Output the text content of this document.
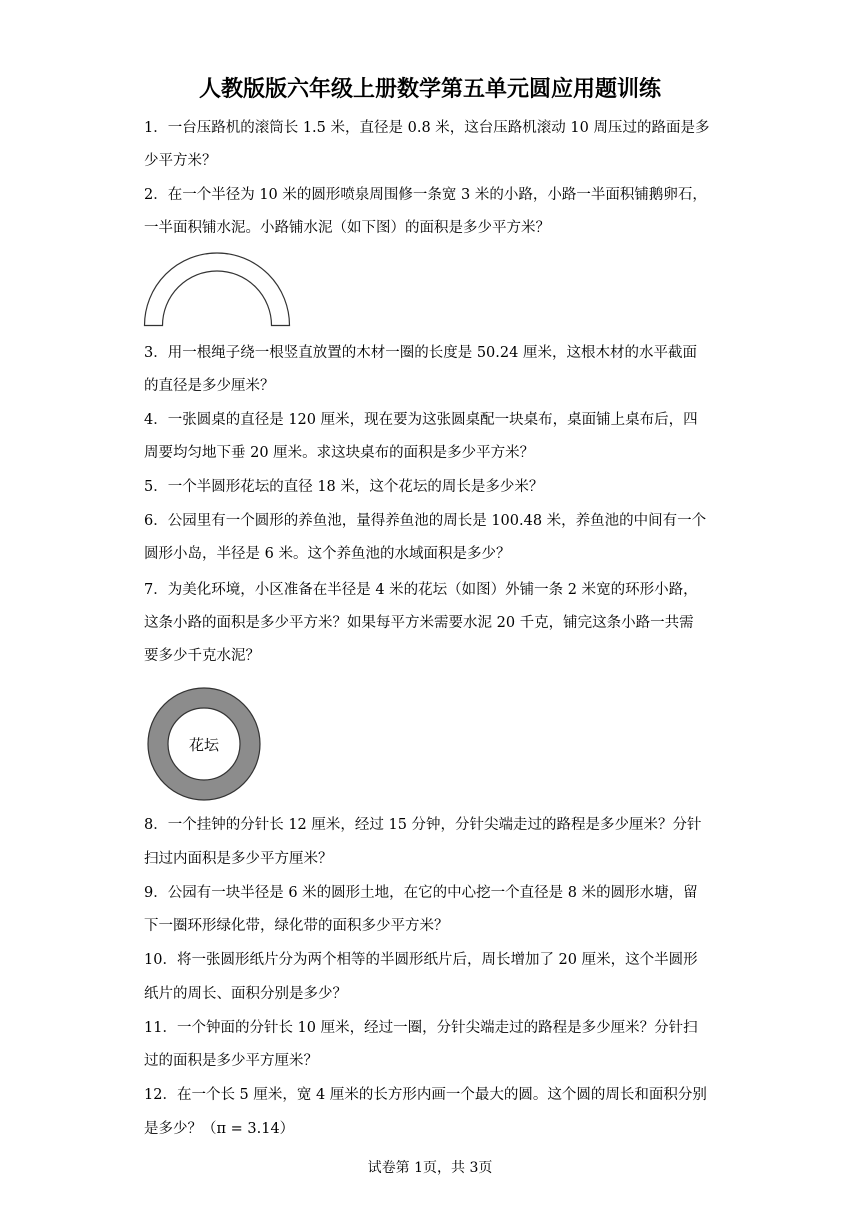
人教版版六年级上册数学第五单元圆应用题训练
1．一台压路机的滚筒长 1.5 米，直径是 0.8 米，这台压路机滚动 10 周压过的路面是多
少平方米？
2．在一个半径为 10 米的圆形喷泉周围修一条宽 3 米的小路，小路一半面积铺鹅卵石，
一半面积铺水泥。小路铺水泥（如下图）的面积是多少平方米？
3．用一根绳子绕一根竖直放置的木材一圈的长度是 50.24 厘米，这根木材的水平截面
的直径是多少厘米？
4．一张圆桌的直径是 120 厘米，现在要为这张圆桌配一块桌布，桌面铺上桌布后，四
周要均匀地下垂 20 厘米。求这块桌布的面积是多少平方米？
5．一个半圆形花坛的直径 18 米，这个花坛的周长是多少米？
6．公园里有一个圆形的养鱼池，量得养鱼池的周长是 100.48 米，养鱼池的中间有一个
圆形小岛，半径是 6 米。这个养鱼池的水域面积是多少？
7．为美化环境，小区准备在半径是 4 米的花坛（如图）外铺一条 2 米宽的环形小路，
这条小路的面积是多少平方米？如果每平方米需要水泥 20 千克，铺完这条小路一共需
要多少千克水泥？
花坛
8．一个挂钟的分针长 12 厘米，经过 15 分钟，分针尖端走过的路程是多少厘米？分针
扫过内面积是多少平方厘米？
9．公园有一块半径是 6 米的圆形土地，在它的中心挖一个直径是 8 米的圆形水塘，留
下一圈环形绿化带，绿化带的面积多少平方米？
10．将一张圆形纸片分为两个相等的半圆形纸片后，周长增加了 20 厘米，这个半圆形
纸片的周长、面积分别是多少？
11．一个钟面的分针长 10 厘米，经过一圈，分针尖端走过的路程是多少厘米？分针扫
过的面积是多少平方厘米？
12．在一个长 5 厘米，宽 4 厘米的长方形内画一个最大的圆。这个圆的周长和面积分别
是多少？（π = 3.14）
试卷第 1页，共 3页
